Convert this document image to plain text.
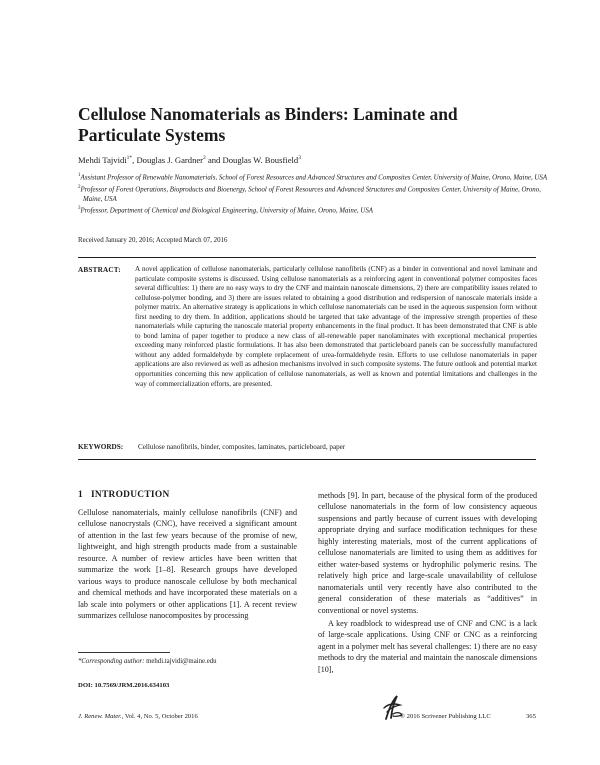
Cellulose Nanomaterials as Binders: Laminate and Particulate Systems
Mehdi Tajvidi$^{1*}$, Douglas J. Gardner$^2$ and Douglas W. Bousfield$^3$

$^1$Assistant Professor of Renewable Nanomaterials, School of Forest Resources and Advanced Structures and Composites Center, University of Maine, Orono, Maine, USA

$^2$Professor of Forest Operations, Bioproducts and Bioenergy, School of Forest Resources and Advanced Structures and Composites Center, University of Maine, Orono, Maine, USA

$^3$Professor, Department of Chemical and Biological Engineering, University of Maine, Orono, Maine, USA

Received January 20, 2016; Accepted March 07, 2016
ABSTRACT: A novel application of cellulose nanomaterials, particularly cellulose nanofibrils (CNF) as a binder in conventional and novel laminate and particulate composite systems is discussed. Using cellulose nanomaterials as a reinforcing agent in conventional polymer composites faces several difficulties: 1) there are no easy ways to dry the CNF and maintain nanoscale dimensions, 2) there are compatibility issues related to cellulose-polymer bonding, and 3) there are issues related to obtaining a good distribution and redispersion of nanoscale materials inside a polymer matrix. An alternative strategy is applications in which cellulose nanomaterials can be used in the aqueous suspension form without first needing to dry them. In addition, applications should be targeted that take advantage of the impressive strength properties of these nanomaterials while capturing the nanoscale material property enhancements in the final product. It has been demonstrated that CNF is able to bond lamina of paper together to produce a new class of all-renewable paper nanolaminates with exceptional mechanical properties exceeding many reinforced plastic formulations. It has also been demonstrated that particleboard panels can be successfully manufactured without any added formaldehyde by complete replacement of urea-formaldehyde resin. Efforts to use cellulose nanomaterials in paper applications are also reviewed as well as adhesion mechanisms involved in such composite systems. The future outlook and potential market opportunities concerning this new application of cellulose nanomaterials, as well as known and potential limitations and challenges in the way of commercialization efforts, are presented.

KEYWORDS: Cellulose nanofibrils, binder, composites, laminates, particleboard, paper
1 INTRODUCTION

Cellulose nanomaterials, mainly cellulose nanofibrils (CNF) and cellulose nanocrystals (CNC), have received a significant amount of attention in the last few years because of the promise of new, lightweight, and high strength products made from a sustainable resource. A number of review articles have been written that summarize the work [1–8]. Research groups have developed various ways to produce nanoscale cellulose by both mechanical and chemical methods and have incorporated these materials on a lab scale into polymers or other applications [1]. A recent review summarizes cellulose nanocomposites by processing

methods [9]. In part, because of the physical form of the produced cellulose nanomaterials in the form of low consistency aqueous suspensions and partly because of current issues with developing appropriate drying and surface modification techniques for these highly interesting materials, most of the current applications of cellulose nanomaterials are limited to using them as additives for either water-based systems or hydrophilic polymeric resins. The relatively high price and large-scale unavailability of cellulose nanomaterials until very recently have also contributed to the general consideration of these materials as “additives” in conventional or novel systems.

A key roadblock to widespread use of CNF and CNC is a lack of large-scale applications. Using CNF or CNC as a reinforcing agent in a polymer melt has several challenges: 1) there are no easy methods to dry the material and maintain the nanoscale dimensions [10],

*Corresponding author: mehdi.tajvidi@maine.edu
DOI: 10.7569/JRM.2016.634103
J. Renew. Mater., Vol. 4, No. 5, October 2016	© 2016 Scrivener Publishing LLC	365
